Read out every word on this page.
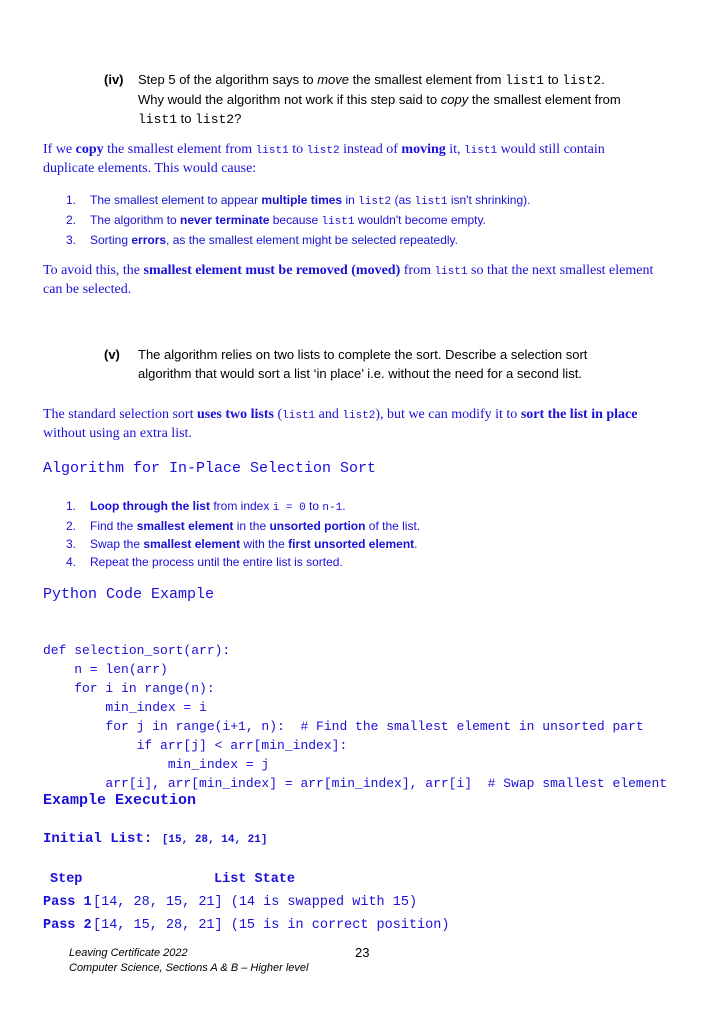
(iv) Step 5 of the algorithm says to move the smallest element from list1 to list2.
Why would the algorithm not work if this step said to copy the smallest element from
list1 to list2?
If we copy the smallest element from list1 to list2 instead of moving it, list1 would still contain
duplicate elements. This would cause:
1. The smallest element to appear multiple times in list2 (as list1 isn't shrinking).
2. The algorithm to never terminate because list1 wouldn't become empty.
3. Sorting errors, as the smallest element might be selected repeatedly.
To avoid this, the smallest element must be removed (moved) from list1 so that the next smallest element
can be selected.
(v) The algorithm relies on two lists to complete the sort. Describe a selection sort
algorithm that would sort a list ‘in place’ i.e. without the need for a second list.
The standard selection sort uses two lists (list1 and list2), but we can modify it to sort the list in place
without using an extra list.
Algorithm for In-Place Selection Sort
1. Loop through the list from index i = 0 to n-1.
2. Find the smallest element in the unsorted portion of the list.
3. Swap the smallest element with the first unsorted element.
4. Repeat the process until the entire list is sorted.
Python Code Example

def selection_sort(arr):
n = len(arr)
for i in range(n):
min_index = i
for j in range(i+1, n):  # Find the smallest element in unsorted part
if arr[j] < arr[min_index]:
min_index = j
arr[i], arr[min_index] = arr[min_index], arr[i]  # Swap smallest element

Example Execution
Initial List: [15, 28, 14, 21]
Step	List State
Pass 1[14, 28, 15, 21] (14 is swapped with 15)
Pass 2[14, 15, 28, 21] (15 is in correct position)
Leaving Certificate 2022
Computer Science, Sections A & B – Higher level
23
